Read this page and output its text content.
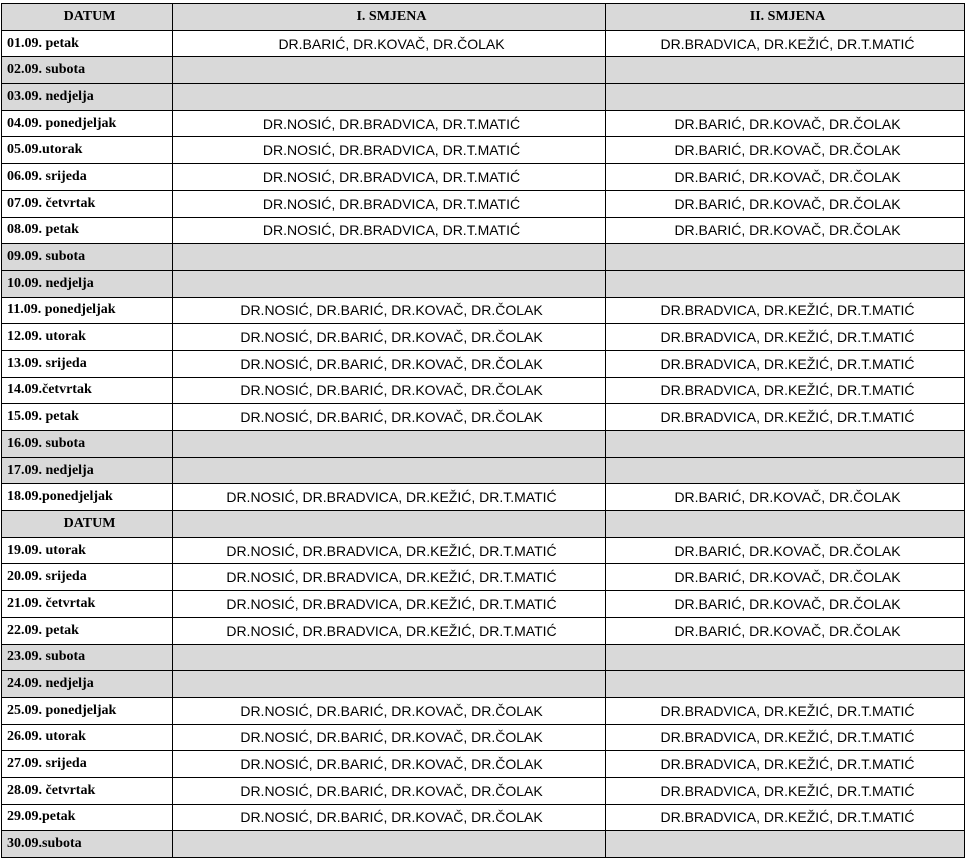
DATUM	I. SMJENA	II. SMJENA
01.09. petak	DR.BARIĆ, DR.KOVAČ, DR.ČOLAK	DR.BRADVICA, DR.KEŽIĆ, DR.T.MATIĆ
02.09. subota		
03.09. nedjelja		
04.09. ponedjeljak	DR.NOSIĆ, DR.BRADVICA, DR.T.MATIĆ	DR.BARIĆ, DR.KOVAČ, DR.ČOLAK
05.09.utorak	DR.NOSIĆ, DR.BRADVICA, DR.T.MATIĆ	DR.BARIĆ, DR.KOVAČ, DR.ČOLAK
06.09. srijeda	DR.NOSIĆ, DR.BRADVICA, DR.T.MATIĆ	DR.BARIĆ, DR.KOVAČ, DR.ČOLAK
07.09. četvrtak	DR.NOSIĆ, DR.BRADVICA, DR.T.MATIĆ	DR.BARIĆ, DR.KOVAČ, DR.ČOLAK
08.09. petak	DR.NOSIĆ, DR.BRADVICA, DR.T.MATIĆ	DR.BARIĆ, DR.KOVAČ, DR.ČOLAK
09.09. subota		
10.09. nedjelja		
11.09. ponedjeljak	DR.NOSIĆ, DR.BARIĆ, DR.KOVAČ, DR.ČOLAK	DR.BRADVICA, DR.KEŽIĆ, DR.T.MATIĆ
12.09. utorak	DR.NOSIĆ, DR.BARIĆ, DR.KOVAČ, DR.ČOLAK	DR.BRADVICA, DR.KEŽIĆ, DR.T.MATIĆ
13.09. srijeda	DR.NOSIĆ, DR.BARIĆ, DR.KOVAČ, DR.ČOLAK	DR.BRADVICA, DR.KEŽIĆ, DR.T.MATIĆ
14.09.četvrtak	DR.NOSIĆ, DR.BARIĆ, DR.KOVAČ, DR.ČOLAK	DR.BRADVICA, DR.KEŽIĆ, DR.T.MATIĆ
15.09. petak	DR.NOSIĆ, DR.BARIĆ, DR.KOVAČ, DR.ČOLAK	DR.BRADVICA, DR.KEŽIĆ, DR.T.MATIĆ
16.09. subota		
17.09. nedjelja		
18.09.ponedjeljak	DR.NOSIĆ, DR.BRADVICA, DR.KEŽIĆ, DR.T.MATIĆ	DR.BARIĆ, DR.KOVAČ, DR.ČOLAK
DATUM		
19.09. utorak	DR.NOSIĆ, DR.BRADVICA, DR.KEŽIĆ, DR.T.MATIĆ	DR.BARIĆ, DR.KOVAČ, DR.ČOLAK
20.09. srijeda	DR.NOSIĆ, DR.BRADVICA, DR.KEŽIĆ, DR.T.MATIĆ	DR.BARIĆ, DR.KOVAČ, DR.ČOLAK
21.09. četvrtak	DR.NOSIĆ, DR.BRADVICA, DR.KEŽIĆ, DR.T.MATIĆ	DR.BARIĆ, DR.KOVAČ, DR.ČOLAK
22.09. petak	DR.NOSIĆ, DR.BRADVICA, DR.KEŽIĆ, DR.T.MATIĆ	DR.BARIĆ, DR.KOVAČ, DR.ČOLAK
23.09. subota		
24.09. nedjelja		
25.09. ponedjeljak	DR.NOSIĆ, DR.BARIĆ, DR.KOVAČ, DR.ČOLAK	DR.BRADVICA, DR.KEŽIĆ, DR.T.MATIĆ
26.09. utorak	DR.NOSIĆ, DR.BARIĆ, DR.KOVAČ, DR.ČOLAK	DR.BRADVICA, DR.KEŽIĆ, DR.T.MATIĆ
27.09. srijeda	DR.NOSIĆ, DR.BARIĆ, DR.KOVAČ, DR.ČOLAK	DR.BRADVICA, DR.KEŽIĆ, DR.T.MATIĆ
28.09. četvrtak	DR.NOSIĆ, DR.BARIĆ, DR.KOVAČ, DR.ČOLAK	DR.BRADVICA, DR.KEŽIĆ, DR.T.MATIĆ
29.09.petak	DR.NOSIĆ, DR.BARIĆ, DR.KOVAČ, DR.ČOLAK	DR.BRADVICA, DR.KEŽIĆ, DR.T.MATIĆ
30.09.subota		
